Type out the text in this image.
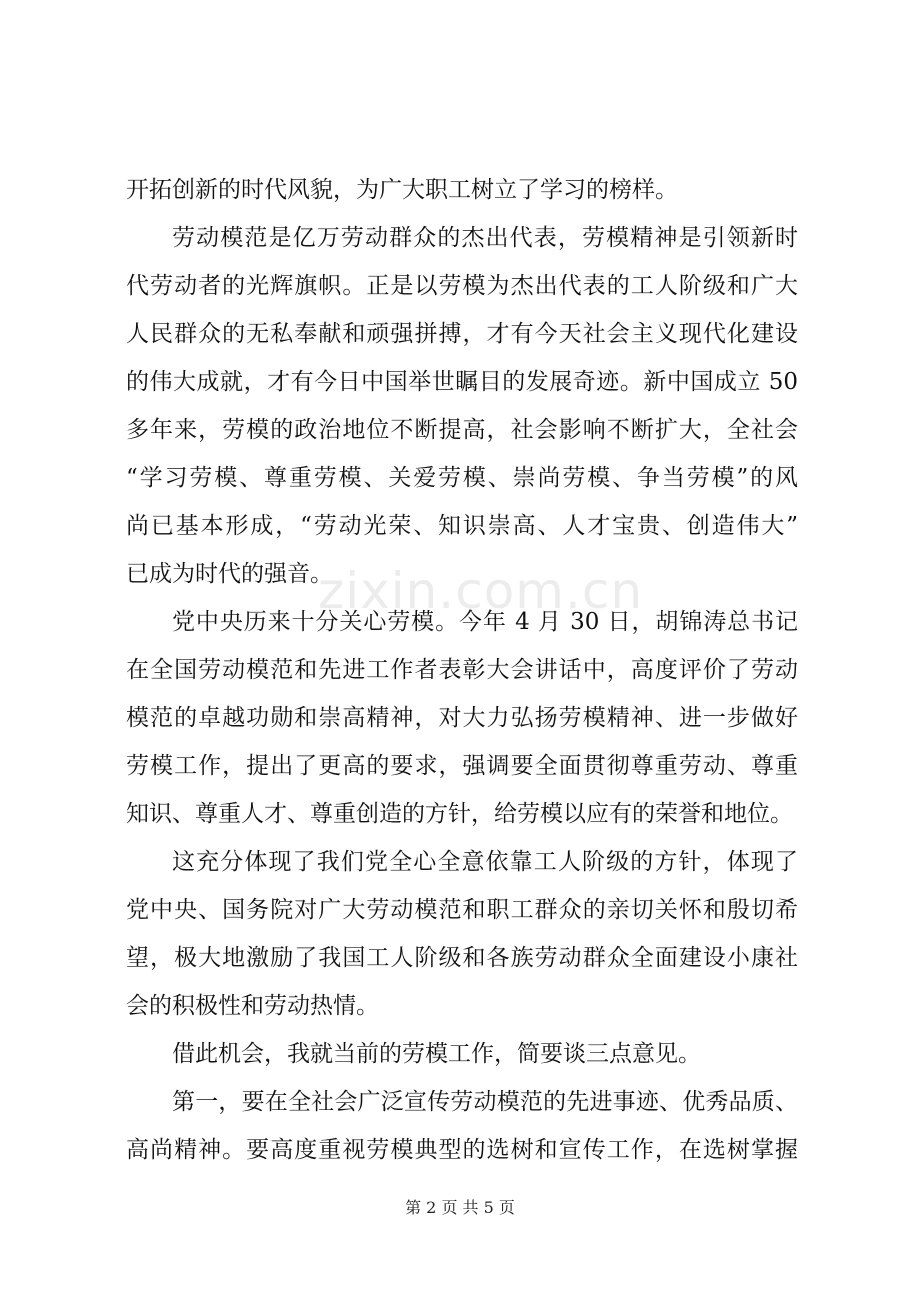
开拓创新的时代风貌，为广大职工树立了学习的榜样。
劳动模范是亿万劳动群众的杰出代表，劳模精神是引领新时
代劳动者的光辉旗帜。正是以劳模为杰出代表的工人阶级和广大
人民群众的无私奉献和顽强拼搏，才有今天社会主义现代化建设
的伟大成就，才有今日中国举世瞩目的发展奇迹。新中国成立 50
多年来，劳模的政治地位不断提高，社会影响不断扩大，全社会
“学习劳模、尊重劳模、关爱劳模、崇尚劳模、争当劳模”的风
尚已基本形成，“劳动光荣、知识崇高、人才宝贵、创造伟大”
已成为时代的强音。
党中央历来十分关心劳模。今年 4 月 30 日，胡锦涛总书记
在全国劳动模范和先进工作者表彰大会讲话中，高度评价了劳动
模范的卓越功勋和崇高精神，对大力弘扬劳模精神、进一步做好
劳模工作，提出了更高的要求，强调要全面贯彻尊重劳动、尊重
知识、尊重人才、尊重创造的方针，给劳模以应有的荣誉和地位。
这充分体现了我们党全心全意依靠工人阶级的方针，体现了
党中央、国务院对广大劳动模范和职工群众的亲切关怀和殷切希
望，极大地激励了我国工人阶级和各族劳动群众全面建设小康社
会的积极性和劳动热情。
借此机会，我就当前的劳模工作，简要谈三点意见。
第一，要在全社会广泛宣传劳动模范的先进事迹、优秀品质、
高尚精神。要高度重视劳模典型的选树和宣传工作，在选树掌握
zixin.com.cn
第 2 页 共 5 页
